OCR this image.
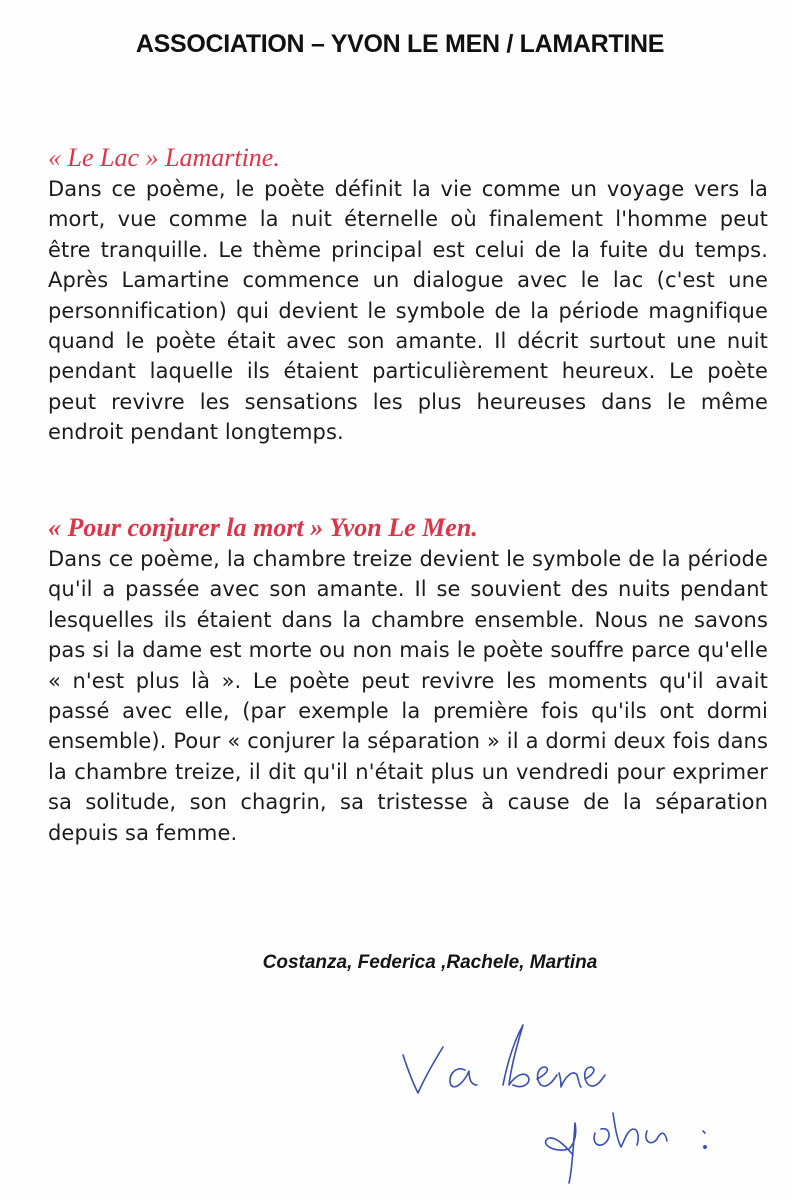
ASSOCIATION – YVON LE MEN / LAMARTINE

« Le Lac » Lamartine.

Dans ce poème, le poète définit la vie comme un voyage vers la mort, vue comme la nuit éternelle où finalement l'homme peut être tranquille. Le thème principal est celui de la fuite du temps. Après Lamartine commence un dialogue avec le lac (c'est une personnification) qui devient le symbole de la période magnifique quand le poète était avec son amante. Il décrit surtout une nuit pendant laquelle ils étaient particulièrement heureux. Le poète peut revivre les sensations les plus heureuses dans le même endroit pendant longtemps.

« Pour conjurer la mort » Yvon Le Men.

Dans ce poème, la chambre treize devient le symbole de la période qu'il a passée avec son amante. Il se souvient des nuits pendant lesquelles ils étaient dans la chambre ensemble. Nous ne savons pas si la dame est morte ou non mais le poète souffre parce qu'elle « n'est plus là ». Le poète peut revivre les moments qu'il avait passé avec elle, (par exemple la première fois qu'ils ont dormi ensemble). Pour « conjurer la séparation » il a dormi deux fois dans la chambre treize, il dit qu'il n'était plus un vendredi pour exprimer sa solitude, son chagrin, sa tristesse à cause de la séparation depuis sa femme.

Costanza, Federica ,Rachele, Martina
